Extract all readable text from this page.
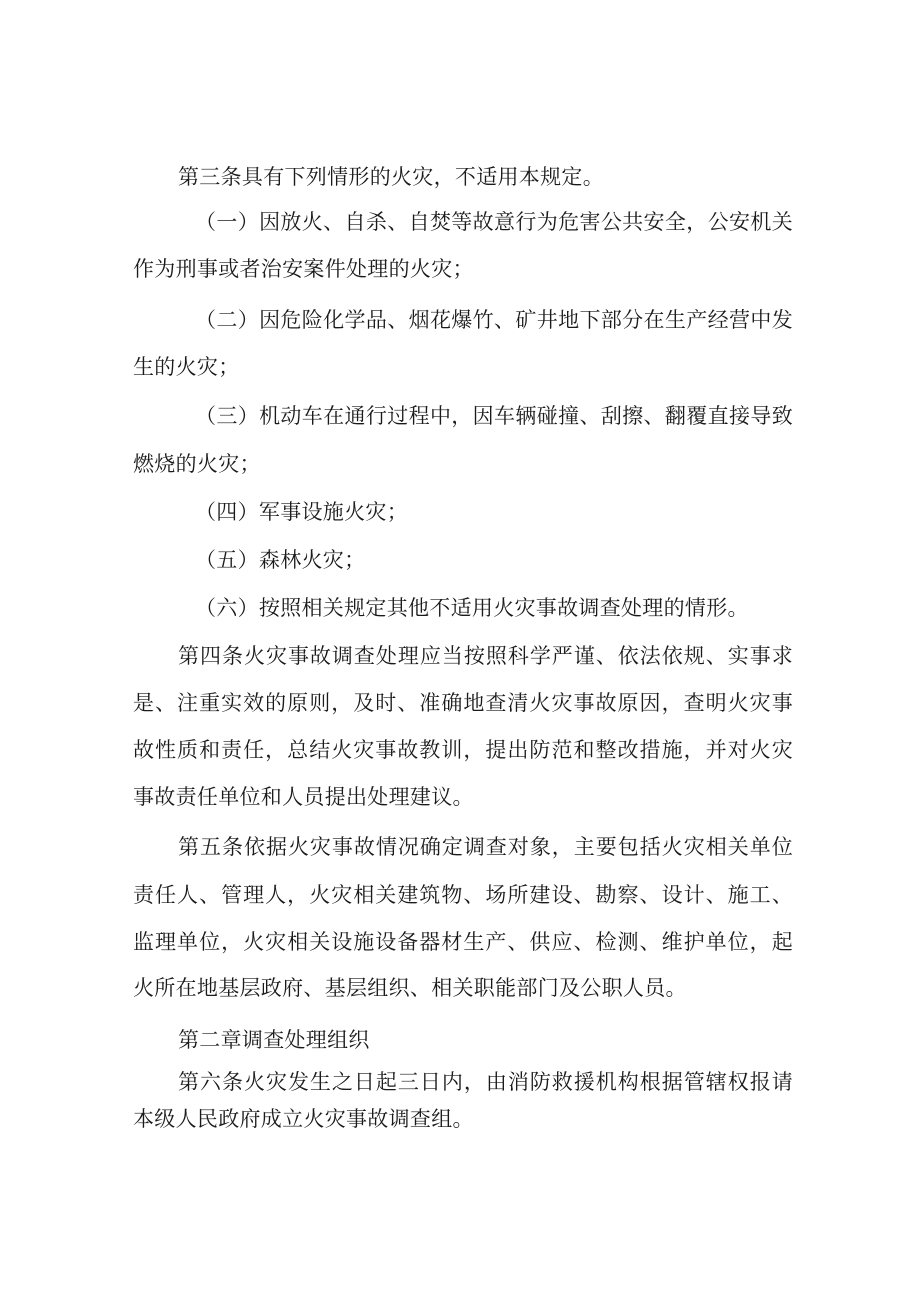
第三条具有下列情形的火灾，不适用本规定。
（一）因放火、自杀、自焚等故意行为危害公共安全，公安机关
作为刑事或者治安案件处理的火灾；
（二）因危险化学品、烟花爆竹、矿井地下部分在生产经营中发
生的火灾；
（三）机动车在通行过程中，因车辆碰撞、刮擦、翻覆直接导致
燃烧的火灾；
（四）军事设施火灾；
（五）森林火灾；
（六）按照相关规定其他不适用火灾事故调查处理的情形。
第四条火灾事故调查处理应当按照科学严谨、依法依规、实事求
是、注重实效的原则，及时、准确地查清火灾事故原因，查明火灾事
故性质和责任，总结火灾事故教训，提出防范和整改措施，并对火灾
事故责任单位和人员提出处理建议。
第五条依据火灾事故情况确定调查对象，主要包括火灾相关单位
责任人、管理人，火灾相关建筑物、场所建设、勘察、设计、施工、
监理单位，火灾相关设施设备器材生产、供应、检测、维护单位，起
火所在地基层政府、基层组织、相关职能部门及公职人员。
第二章调查处理组织
第六条火灾发生之日起三日内，由消防救援机构根据管辖权报请
本级人民政府成立火灾事故调查组。
